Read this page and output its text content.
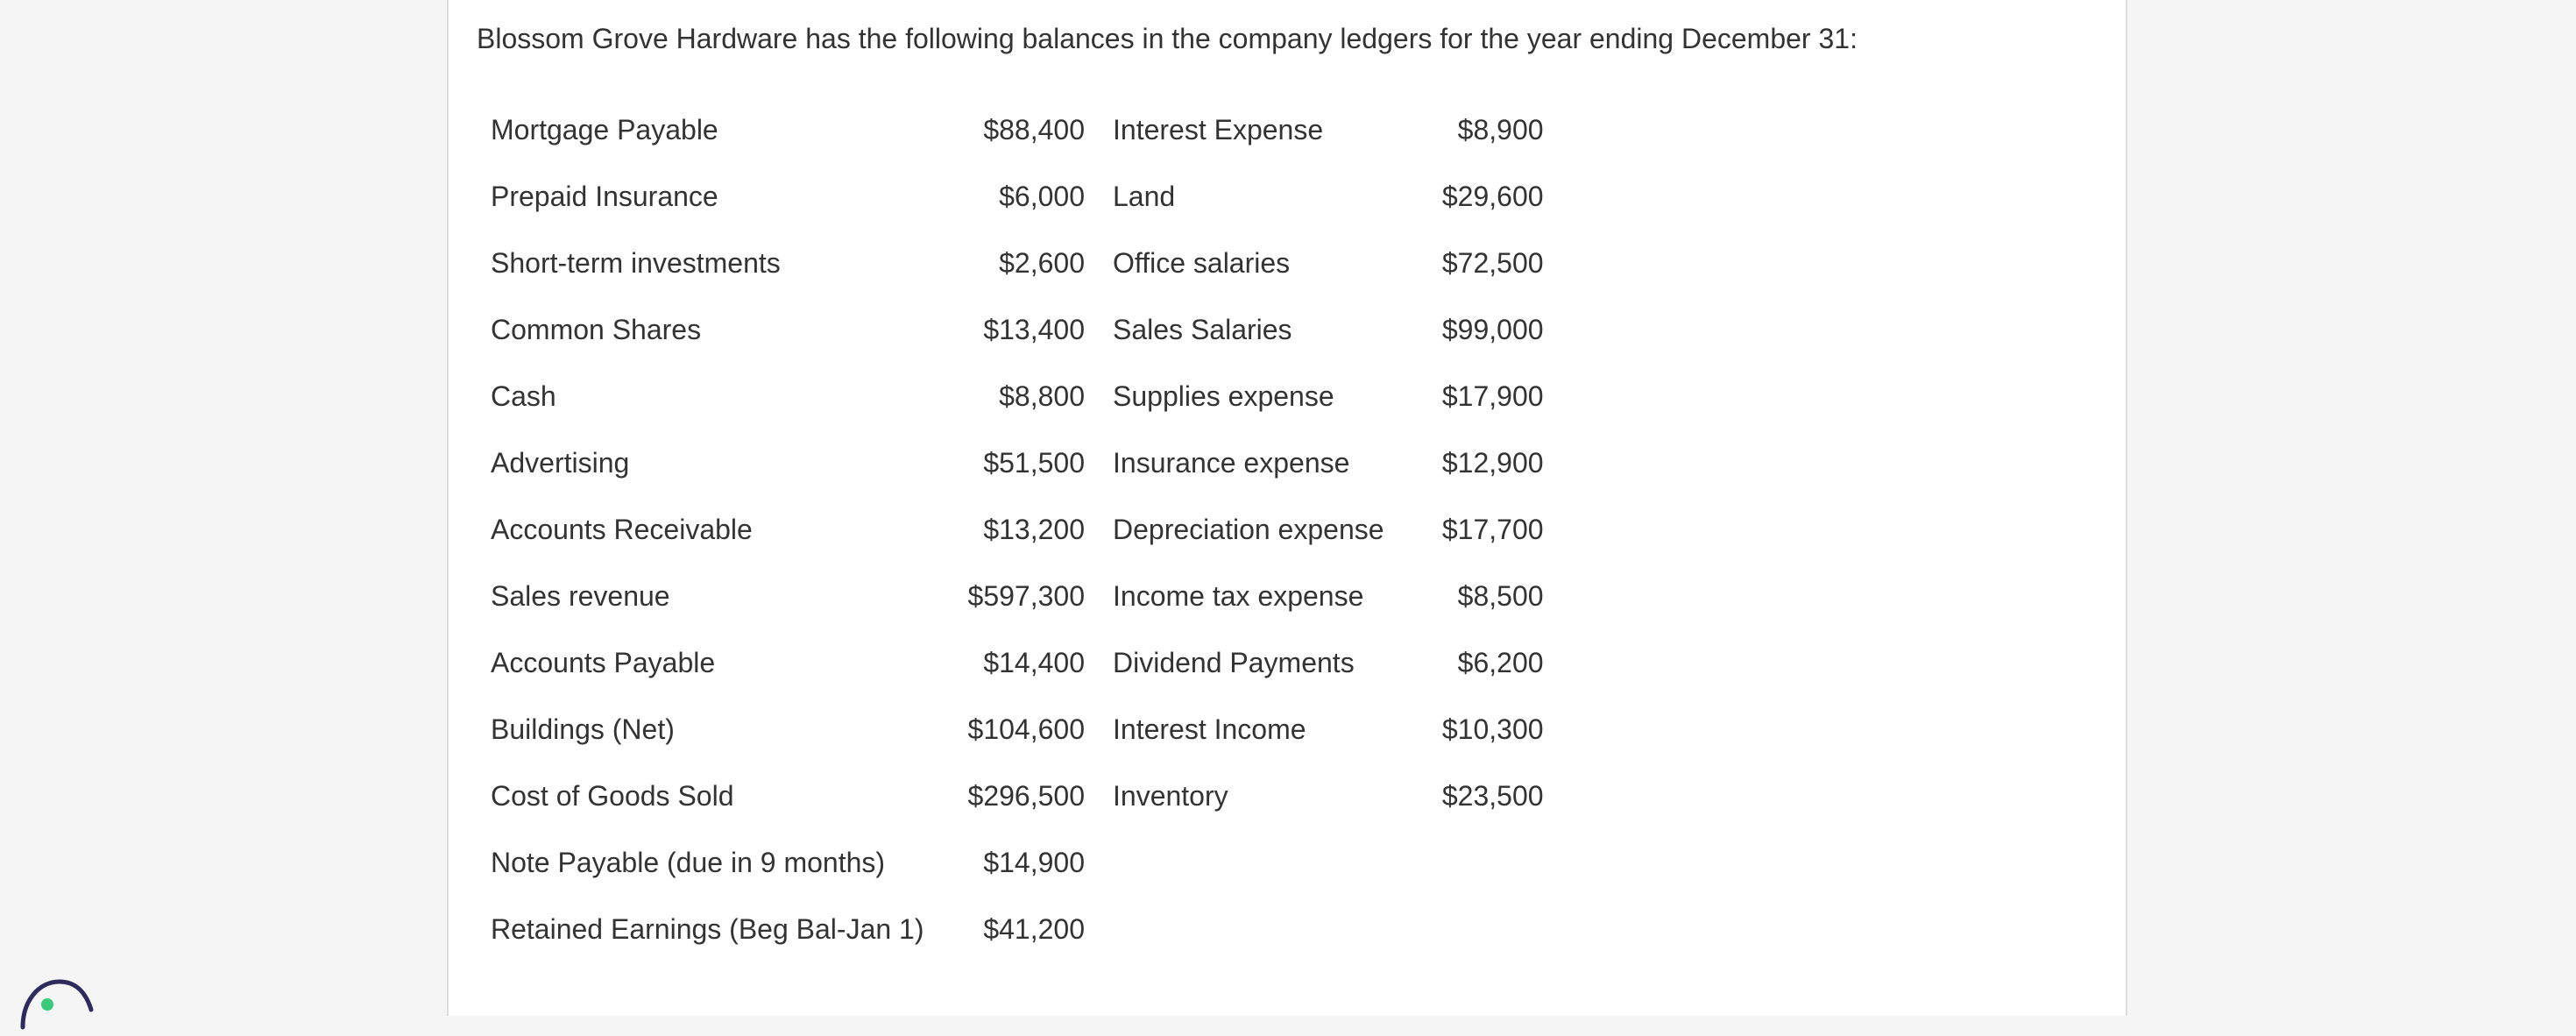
Blossom Grove Hardware has the following balances in the company ledgers for the year ending December 31:

Mortgage Payable	$88,400	Interest Expense	$8,900
Prepaid Insurance	$6,000	Land	$29,600
Short-term investments	$2,600	Office salaries	$72,500
Common Shares	$13,400	Sales Salaries	$99,000
Cash	$8,800	Supplies expense	$17,900
Advertising	$51,500	Insurance expense	$12,900
Accounts Receivable	$13,200	Depreciation expense	$17,700
Sales revenue	$597,300	Income tax expense	$8,500
Accounts Payable	$14,400	Dividend Payments	$6,200
Buildings (Net)	$104,600	Interest Income	$10,300
Cost of Goods Sold	$296,500	Inventory	$23,500
Note Payable (due in 9 months)	$14,900		
Retained Earnings (Beg Bal-Jan 1)	$41,200		
